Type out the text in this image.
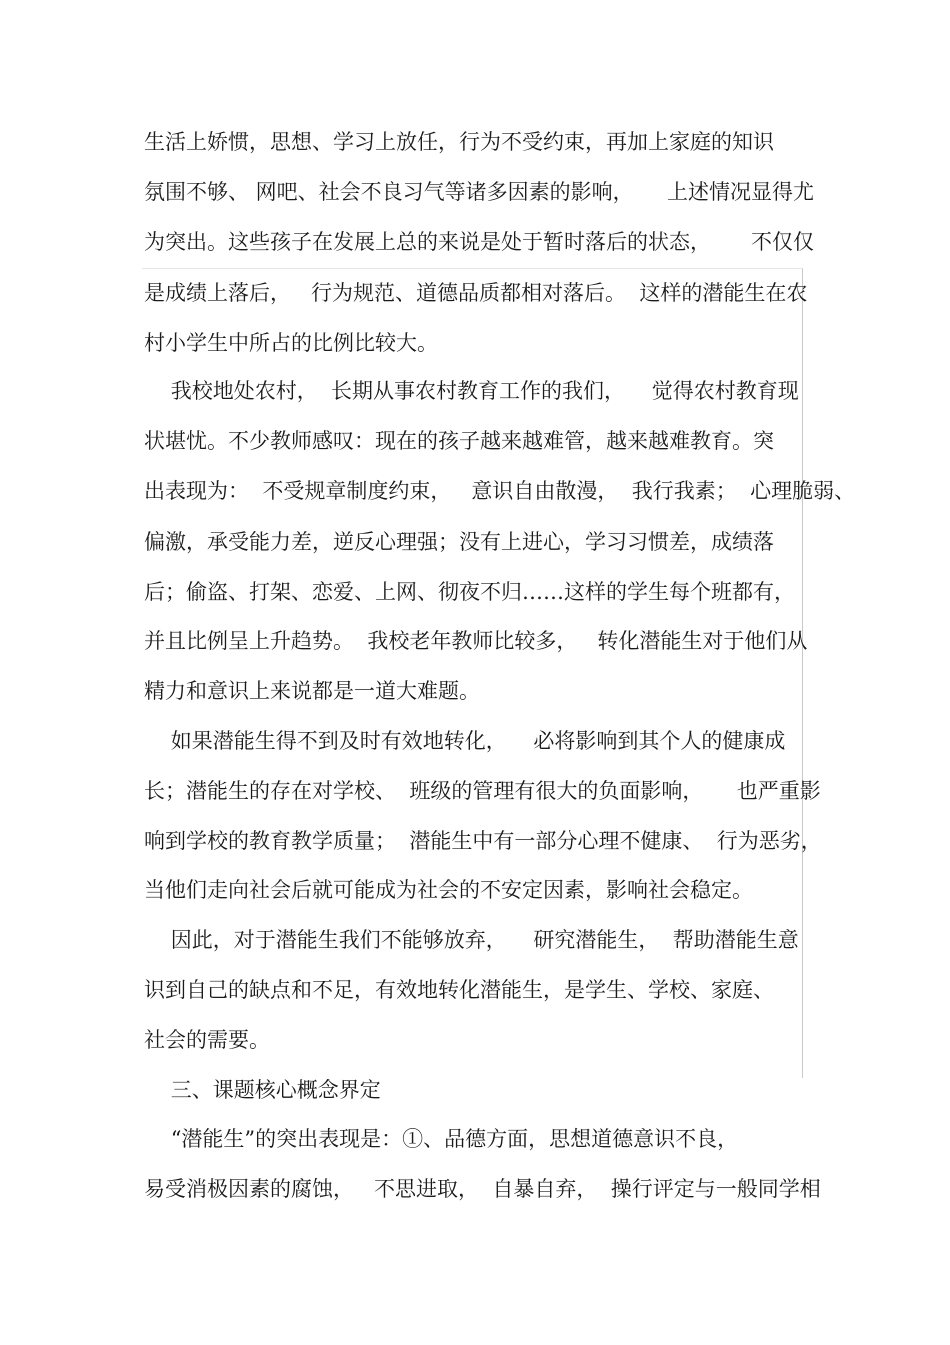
生活上娇惯，思想、学习上放任，行为不受约束，再加上家庭的知识
氛围不够、 网吧、社会不良习气等诸多因素的影响，     上述情况显得尤
为突出。这些孩子在发展上总的来说是处于暂时落后的状态，      不仅仅
是成绩上落后，   行为规范、道德品质都相对落后。  这样的潜能生在农
村小学生中所占的比例比较大。
我校地处农村，  长期从事农村教育工作的我们，    觉得农村教育现
状堪忧。不少教师感叹：现在的孩子越来越难管，越来越难教育。突
出表现为：  不受规章制度约束，   意识自由散漫，  我行我素；  心理脆弱、
偏激，承受能力差，逆反心理强；没有上进心，学习习惯差，成绩落
后；偷盗、打架、恋爱、上网、彻夜不归……这样的学生每个班都有，
并且比例呈上升趋势。  我校老年教师比较多，   转化潜能生对于他们从
精力和意识上来说都是一道大难题。
如果潜能生得不到及时有效地转化，    必将影响到其个人的健康成
长；潜能生的存在对学校、  班级的管理有很大的负面影响，     也严重影
响到学校的教育教学质量；  潜能生中有一部分心理不健康、  行为恶劣，
当他们走向社会后就可能成为社会的不安定因素，影响社会稳定。
因此，对于潜能生我们不能够放弃，    研究潜能生，  帮助潜能生意
识到自己的缺点和不足，有效地转化潜能生，是学生、学校、家庭、
社会的需要。
三、课题核心概念界定
“潜能生”的突出表现是：①、品德方面，思想道德意识不良，
易受消极因素的腐蚀，   不思进取，  自暴自弃，  操行评定与一般同学相
